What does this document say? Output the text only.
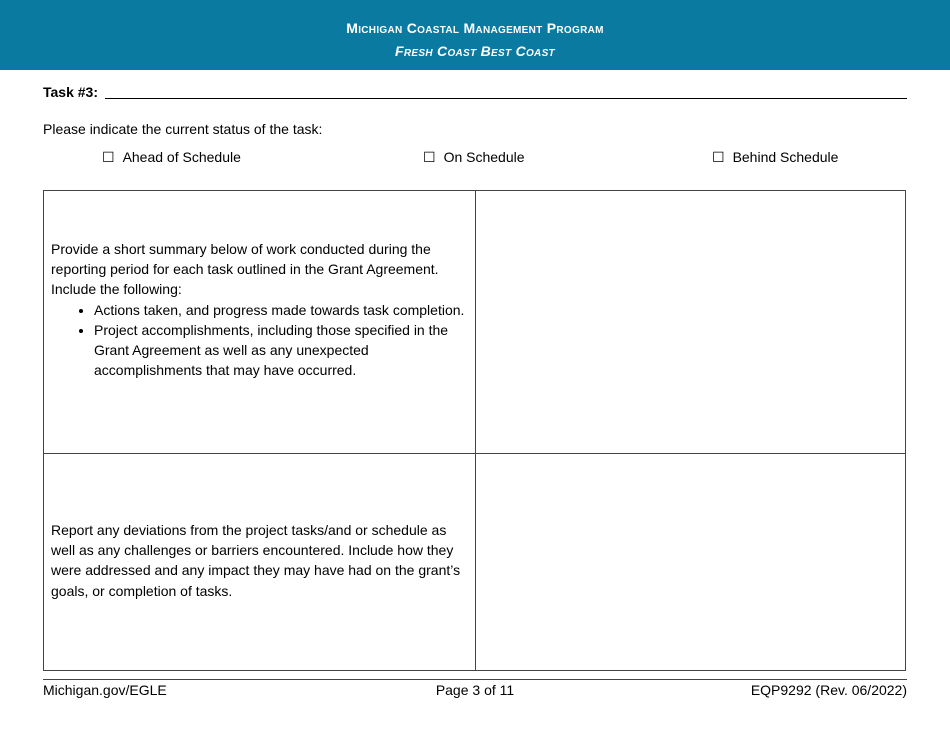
Michigan Coastal Management Program
Fresh Coast Best Coast
Task #3:
Please indicate the current status of the task:
☐ Ahead of Schedule	☐ On Schedule	☐ Behind Schedule

Provide a short summary below of work conducted during the reporting period for each task outlined in the Grant Agreement. Include the following:

• Actions taken, and progress made towards task completion.
• Project accomplishments, including those specified in the Grant Agreement as well as any unexpected accomplishments that may have occurred.
Report any deviations from the project tasks/and or schedule as well as any challenges or barriers encountered. Include how they were addressed and any impact they may have had on the grant’s goals, or completion of tasks.
Michigan.gov/EGLE	Page 3 of 11	EQP9292 (Rev. 06/2022)
